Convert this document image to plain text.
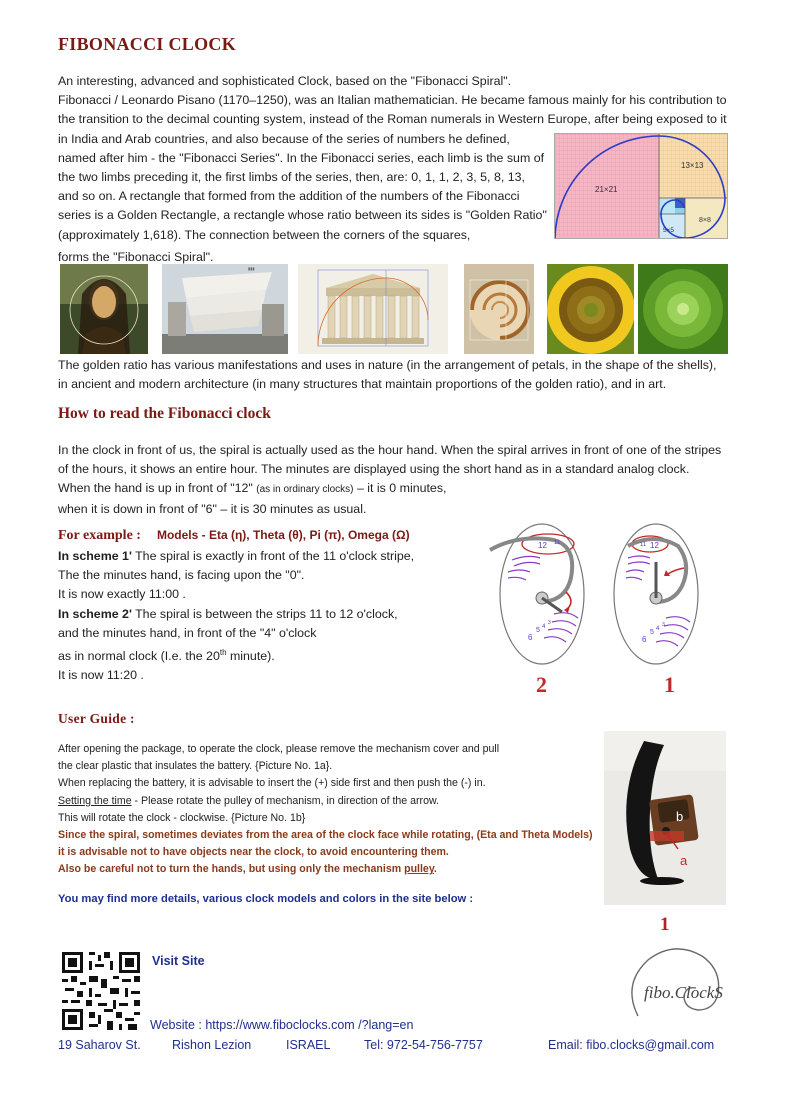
FIBONACCI CLOCK
An interesting, advanced and sophisticated Clock, based on the "Fibonacci Spiral".
Fibonacci / Leonardo Pisano (1170–1250), was an Italian mathematician. He became famous mainly for his contribution to
the transition to the decimal counting system, instead of the Roman numerals in Western Europe, after being exposed to it
in India and Arab countries, and also because of the series of numbers he defined,
named after him - the "Fibonacci Series". In the Fibonacci series, each limb is the sum of
the two limbs preceding it, the first limbs of the series, then, are: 0, 1, 1, 2, 3, 5, 8, 13,
and so on. A rectangle that formed from the addition of the numbers of the Fibonacci
series is a Golden Rectangle, a rectangle whose ratio between its sides is "Golden Ratio"
(approximately 1,618). The connection between the corners of the squares,
forms the "Fibonacci Spiral".
21×21
13×13
8×8
5×5
▮▮▮
The golden ratio has various manifestations and uses in nature (in the arrangement of petals, in the shape of the shells),
in ancient and modern architecture (in many structures that maintain proportions of the golden ratio), and in art.
How to read the Fibonacci clock
In the clock in front of us, the spiral is actually used as the hour hand. When the spiral arrives in front of one of the stripes
of the hours, it shows an entire hour. The minutes are displayed using the short hand as in a standard analog clock.
When the hand is up in front of "12" (as in ordinary clocks) – it is 0 minutes,
when it is down in front of "6" – it is 30 minutes as usual.
For example : Models - Eta (η), Theta (θ), Pi (π), Omega (Ω)
In scheme 1' The spiral is exactly in front of the 11 o'clock stripe,
The the minutes hand, is facing upon the "0".
It is now exactly 11:00 .
In scheme 2' The spiral is between the strips 11 to 12 o'clock,
and the minutes hand, in front of the "4" o'clock
as in normal clock (I.e. the 20th minute).
It is now 11:20 .
12 11
6
5 4
3
2
12
11
6
5 4
3
1
User Guide :
After opening the package, to operate the clock, please remove the mechanism cover and pull
the clear plastic that insulates the battery. {Picture No. 1a}.
When replacing the battery, it is advisable to insert the (+) side first and then push the (-) in.
Setting the time - Please rotate the pulley of mechanism, in direction of the arrow.
This will rotate the clock - clockwise. {Picture No. 1b}
Since the spiral, sometimes deviates from the area of the clock face while rotating, (Eta and Theta Models)
it is advisable not to have objects near the clock, to avoid encountering them.
Also be careful not to turn the hands, but using only the mechanism pulley.
You may find more details, various clock models and colors in the site below :
b
a
1
Visit Site
Website : https://www.fiboclocks.com /?lang=en
fibo.ClockS
19 Saharov St.	Rishon Lezion	ISRAEL	Tel: 972-54-756-7757	Email: fibo.clocks@gmail.com
